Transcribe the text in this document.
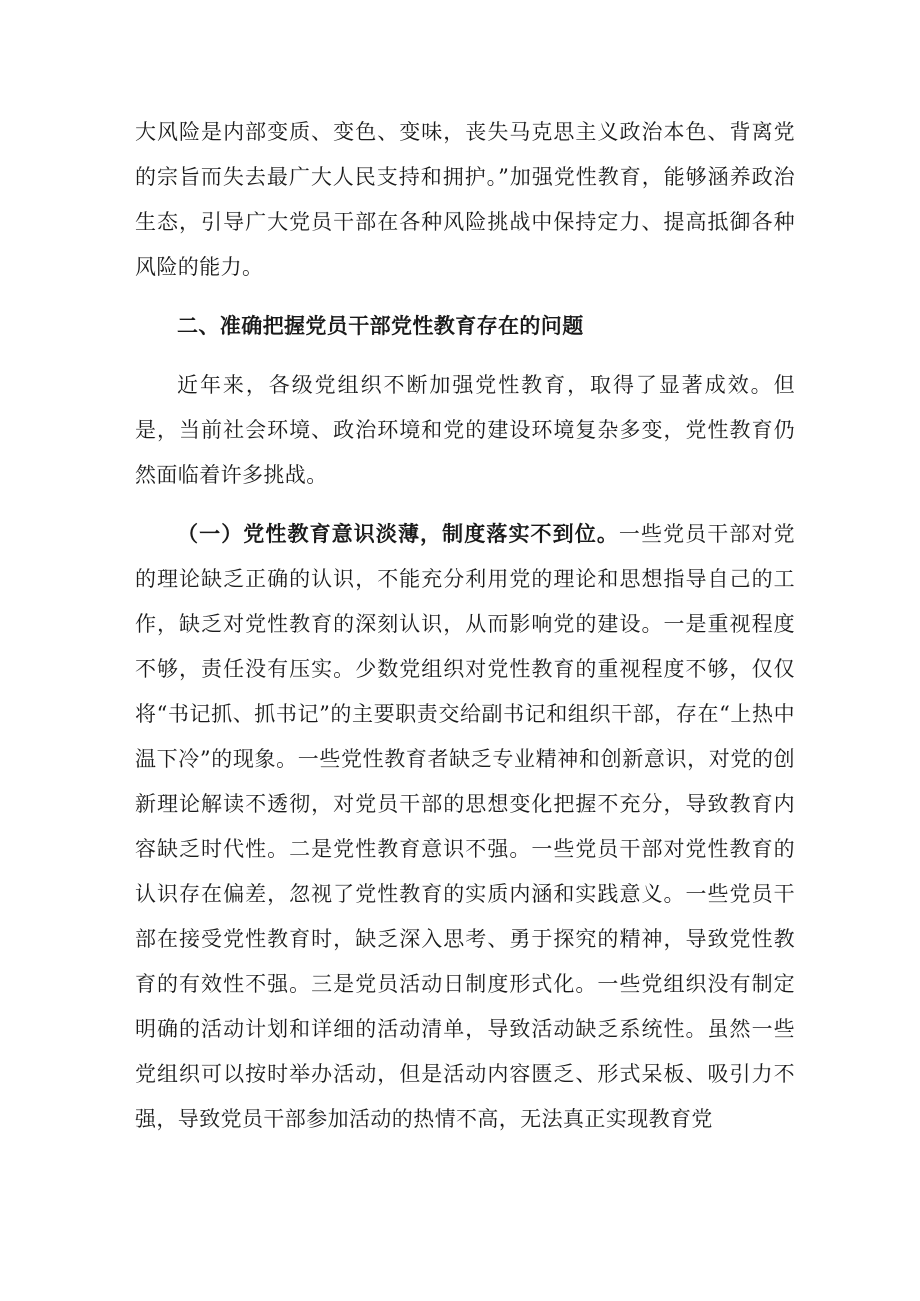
大风险是内部变质、变色、变味，丧失马克思主义政治本色、背离党的宗旨而失去最广大人民支持和拥护。”加强党性教育，能够涵养政治生态，引导广大党员干部在各种风险挑战中保持定力、提高抵御各种风险的能力。

二、准确把握党员干部党性教育存在的问题

近年来，各级党组织不断加强党性教育，取得了显著成效。但是，当前社会环境、政治环境和党的建设环境复杂多变，党性教育仍然面临着许多挑战。

（一）党性教育意识淡薄，制度落实不到位。一些党员干部对党的理论缺乏正确的认识，不能充分利用党的理论和思想指导自己的工作，缺乏对党性教育的深刻认识，从而影响党的建设。一是重视程度不够，责任没有压实。少数党组织对党性教育的重视程度不够，仅仅将“书记抓、抓书记”的主要职责交给副书记和组织干部，存在“上热中温下冷”的现象。一些党性教育者缺乏专业精神和创新意识，对党的创新理论解读不透彻，对党员干部的思想变化把握不充分，导致教育内容缺乏时代性。二是党性教育意识不强。一些党员干部对党性教育的认识存在偏差，忽视了党性教育的实质内涵和实践意义。一些党员干部在接受党性教育时，缺乏深入思考、勇于探究的精神，导致党性教育的有效性不强。三是党员活动日制度形式化。一些党组织没有制定明确的活动计划和详细的活动清单，导致活动缺乏系统性。虽然一些党组织可以按时举办活动，但是活动内容匮乏、形式呆板、吸引力不强，导致党员干部参加活动的热情不高，无法真正实现教育党
